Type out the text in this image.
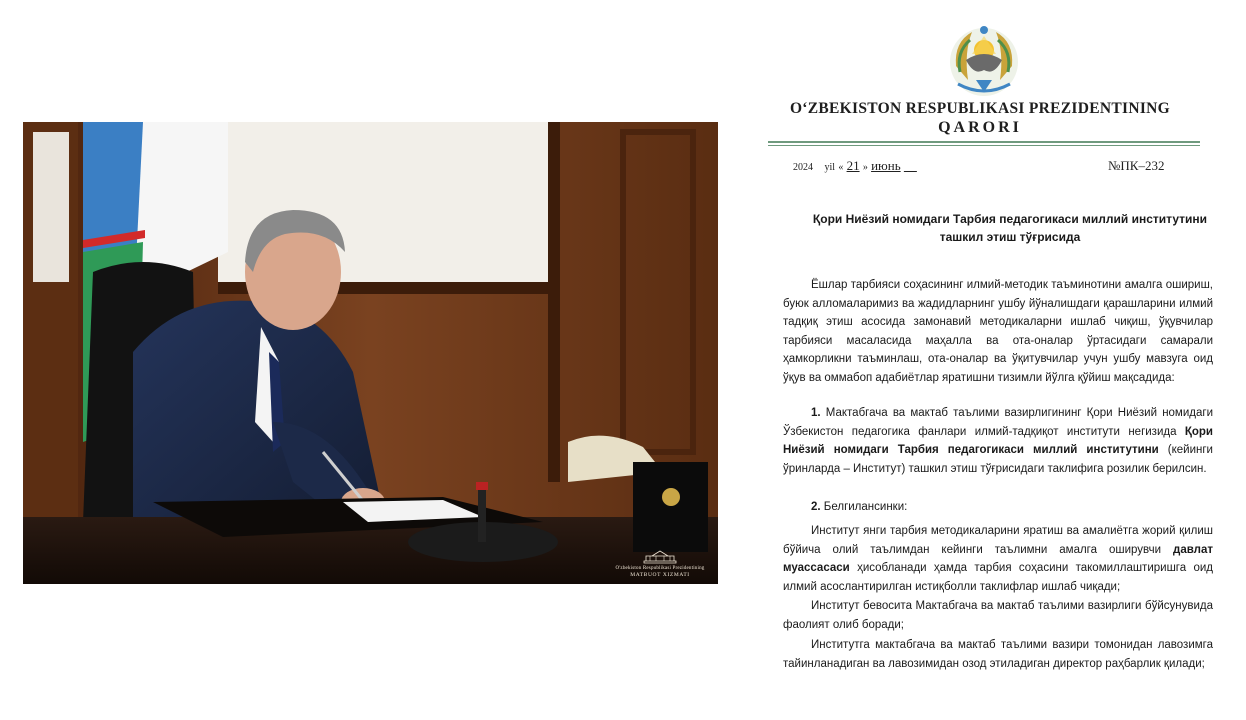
O'zbekiston Respublikasi Prezidentining
MATBUOT XIZMATI
O‘ZBEKISTON RESPUBLIKASI PREZIDENTINING
QARORI
2024 yil « 21 » июнь	№ПК–232
Қори Ниёзий номидаги Тарбия педагогикаси миллий институтини
ташкил этиш тўғрисида

Ёшлар тарбияси соҳасининг илмий-методик таъминотини амалга ошириш, буюк алломаларимиз ва жадидларнинг ушбу йўналишдаги қарашларини илмий тадқиқ этиш асосида замонавий методикаларни ишлаб чиқиш, ўқувчилар тарбияси масаласида маҳалла ва ота-оналар ўртасидаги самарали ҳамкорликни таъминлаш, ота-оналар ва ўқитувчилар учун ушбу мавзуга оид ўқув ва оммабоп адабиётлар яратишни тизимли йўлга қўйиш мақсадида:

1. Мактабгача ва мактаб таълими вазирлигининг Қори Ниёзий номидаги Ўзбекистон педагогика фанлари илмий-тадқиқот институти негизида Қори Ниёзий номидаги Тарбия педагогикаси миллий институтини (кейинги ўринларда – Институт) ташкил этиш тўғрисидаги таклифига розилик берилсин.

2. Белгилансинки:

Институт янги тарбия методикаларини яратиш ва амалиётга жорий қилиш бўйича олий таълимдан кейинги таълимни амалга оширувчи давлат муассасаси ҳисобланади ҳамда тарбия соҳасини такомиллаштиришга оид илмий асослантирилган истиқболли таклифлар ишлаб чиқади;

Институт бевосита Мактабгача ва мактаб таълими вазирлиги бўйсунувида фаолият олиб боради;

Институтга мактабгача ва мактаб таълими вазири томонидан лавозимга тайинланадиган ва лавозимидан озод этиладиган директор раҳбарлик қилади;
